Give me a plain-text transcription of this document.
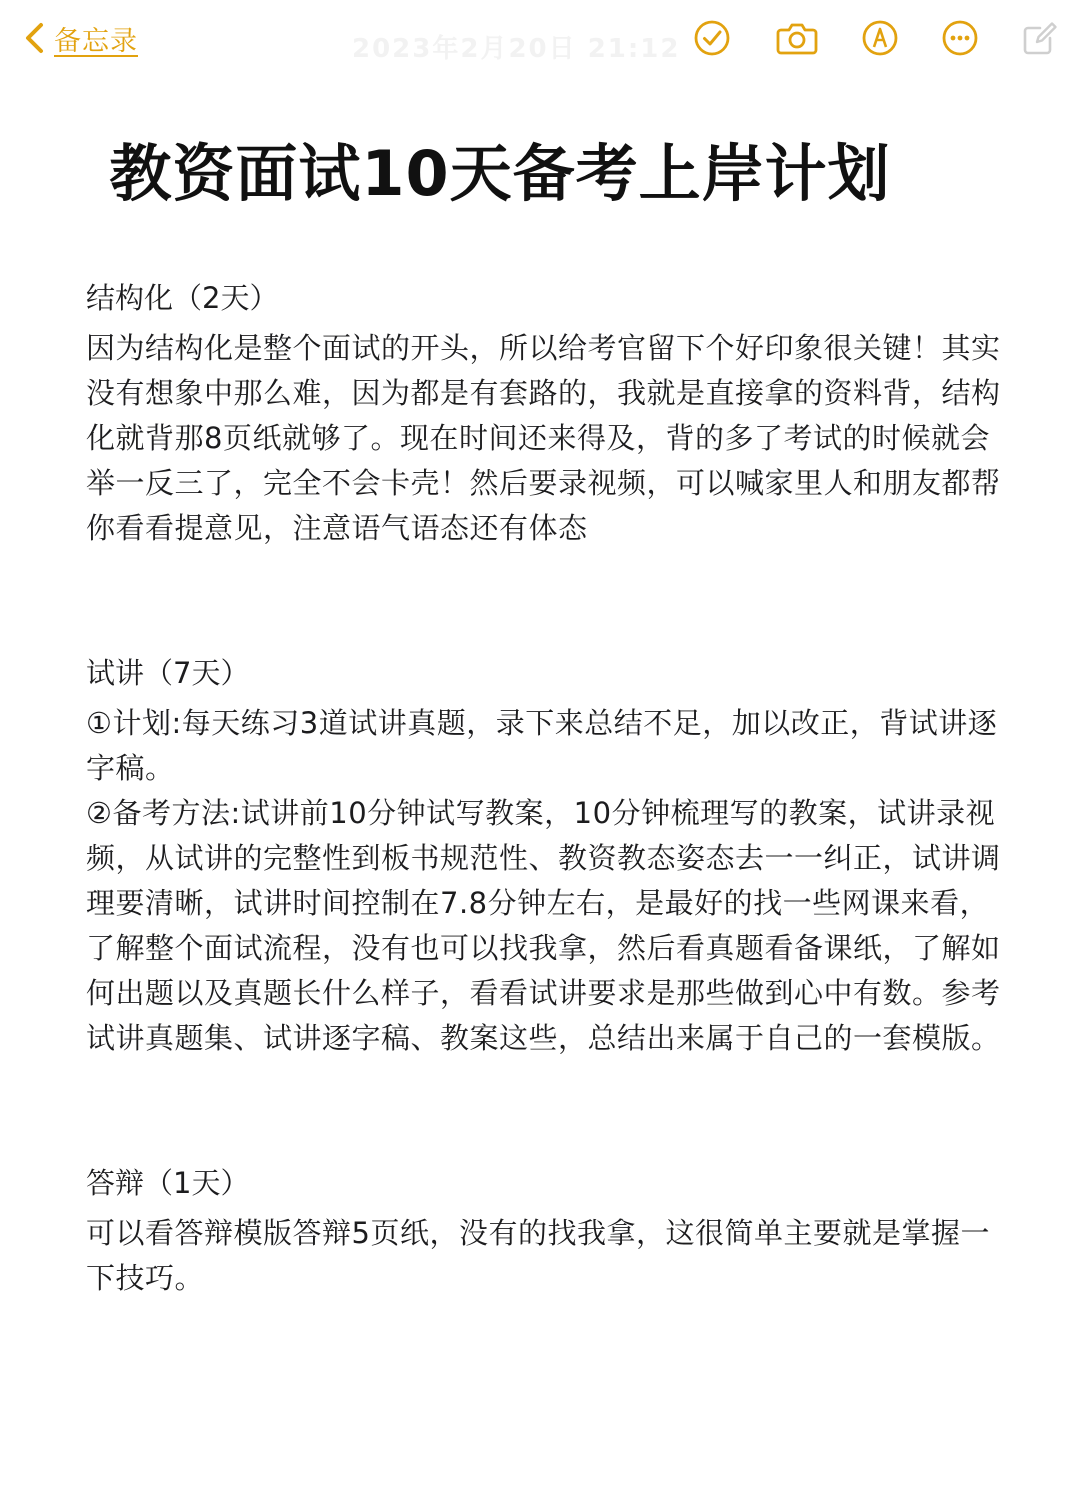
备忘录	2023年2月20日 21:12
教资面试10天备考上岸计划
结构化（2天）
因为结构化是整个面试的开头，所以给考官留下个好印象很关键！其实没有想象中那么难，因为都是有套路的，我就是直接拿的资料背，结构化就背那8页纸就够了。现在时间还来得及，背的多了考试的时候就会举一反三了，完全不会卡壳！然后要录视频，可以喊家里人和朋友都帮你看看提意见，注意语气语态还有体态
试讲（7天）
①计划:每天练习3道试讲真题，录下来总结不足，加以改正，背试讲逐字稿。
②备考方法:试讲前10分钟试写教案，10分钟梳理写的教案，试讲录视频，从试讲的完整性到板书规范性、教资教态姿态去一一纠正，试讲调理要清晰，试讲时间控制在7.8分钟左右，是最好的找一些网课来看，了解整个面试流程，没有也可以找我拿，然后看真题看备课纸，了解如何出题以及真题长什么样子，看看试讲要求是那些做到心中有数。参考试讲真题集、试讲逐字稿、教案这些，总结出来属于自己的一套模版。
答辩（1天）
可以看答辩模版答辩5页纸，没有的找我拿，这很简单主要就是掌握一下技巧。
